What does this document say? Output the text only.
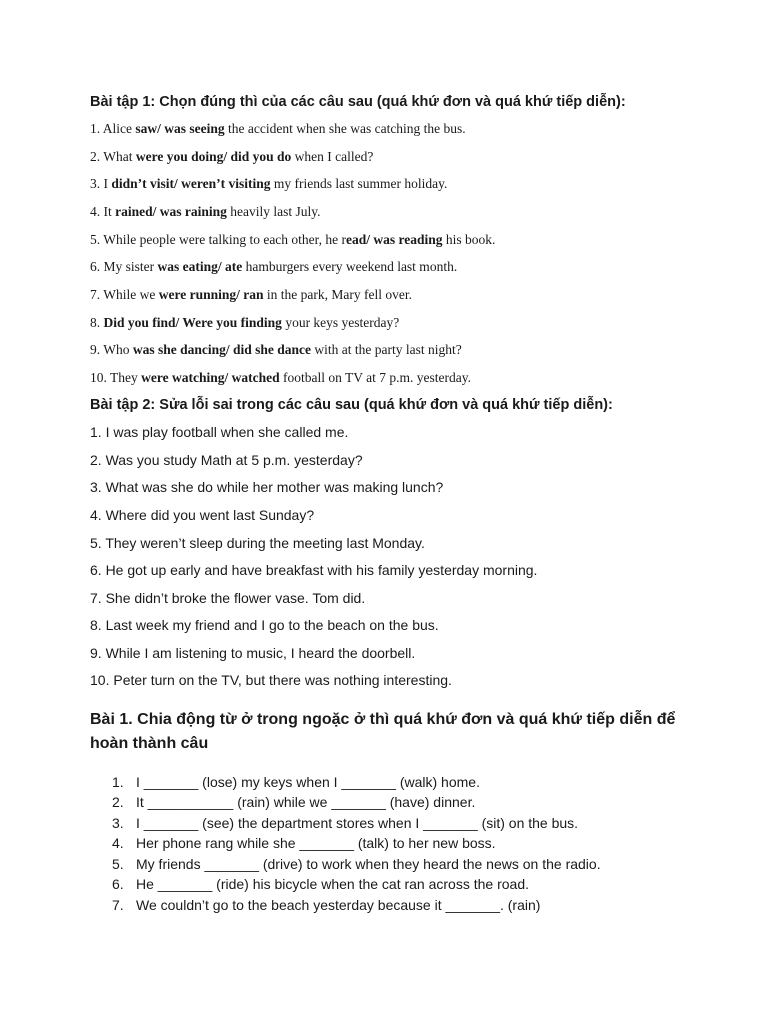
Bài tập 1: Chọn đúng thì của các câu sau (quá khứ đơn và quá khứ tiếp diễn):
1. Alice saw/ was seeing the accident when she was catching the bus.
2. What were you doing/ did you do when I called?
3. I didn’t visit/ weren’t visiting my friends last summer holiday.
4. It rained/ was raining heavily last July.
5. While people were talking to each other, he read/ was reading his book.
6. My sister was eating/ ate hamburgers every weekend last month.
7. While we were running/ ran in the park, Mary fell over.
8. Did you find/ Were you finding your keys yesterday?
9. Who was she dancing/ did she dance with at the party last night?
10. They were watching/ watched football on TV at 7 p.m. yesterday.
Bài tập 2: Sửa lỗi sai trong các câu sau (quá khứ đơn và quá khứ tiếp diễn):
1. I was play football when she called me.
2. Was you study Math at 5 p.m. yesterday?
3. What was she do while her mother was making lunch?
4. Where did you went last Sunday?
5. They weren’t sleep during the meeting last Monday.
6. He got up early and have breakfast with his family yesterday morning.
7. She didn’t broke the flower vase. Tom did.
8. Last week my friend and I go to the beach on the bus.
9. While I am listening to music, I heard the doorbell.
10. Peter turn on the TV, but there was nothing interesting.
Bài 1. Chia động từ ở trong ngoặc ở thì quá khứ đơn và quá khứ tiếp diễn để hoàn thành câu
1. I _______ (lose) my keys when I _______ (walk) home.
2. It ___________ (rain) while we _______ (have) dinner.
3. I _______ (see) the department stores when I _______ (sit) on the bus.
4. Her phone rang while she _______ (talk) to her new boss.
5. My friends _______ (drive) to work when they heard the news on the radio.
6. He _______ (ride) his bicycle when the cat ran across the road.
7. We couldn’t go to the beach yesterday because it _______. (rain)
